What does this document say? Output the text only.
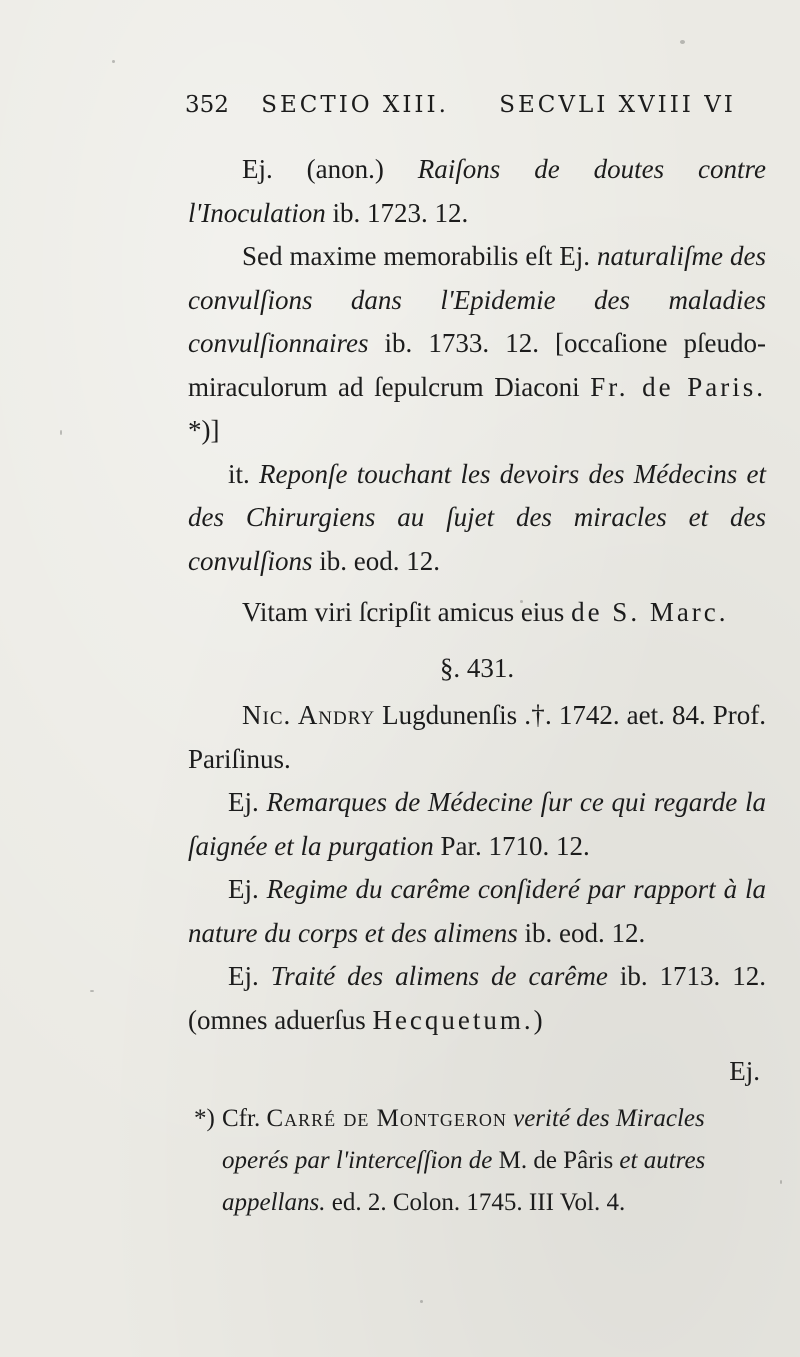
352 SECTIO XIII. SECVLI XVIII VI

Ej. (anon.) Raiſons de doutes contre l'Inoculation ib. 1723. 12.

Sed maxime memorabilis eſt Ej. naturaliſme des convulſions dans l'Epidemie des maladies convulſionnaires ib. 1733. 12. [occaſione pſeudo-miraculorum ad ſepulcrum Diaconi Fr. de Paris. *)]

it. Reponſe touchant les devoirs des Médecins et des Chirurgiens au ſujet des miracles et des convulſions ib. eod. 12.

Vitam viri ſcripſit amicus eius de S. Marc.

§. 431.

Nic. Andry Lugdunenſis .†. 1742. aet. 84. Prof. Pariſinus.

Ej. Remarques de Médecine ſur ce qui regarde la ſaignée et la purgation Par. 1710. 12.

Ej. Regime du carême conſideré par rapport à la nature du corps et des alimens ib. eod. 12.

Ej. Traité des alimens de carême ib. 1713. 12. (omnes aduerſus Hecquetum.)

Ej.

*) Cfr. Carré de Montgeron verité des Miracles operés par l'interceſſion de M. de Pâris et autres appellans. ed. 2. Colon. 1745. III Vol. 4.
